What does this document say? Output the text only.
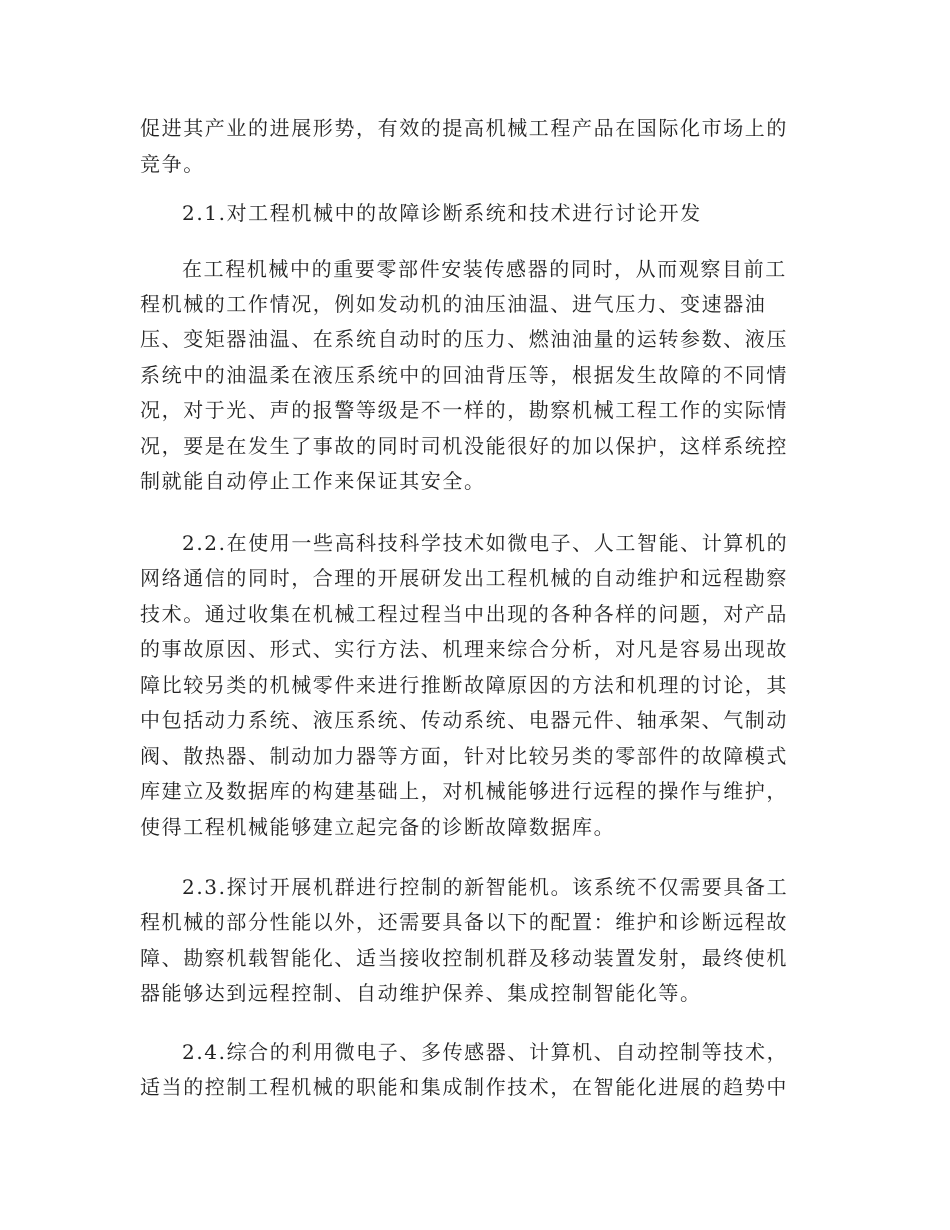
促进其产业的进展形势，有效的提高机械工程产品在国际化市场上的
竞争。
2.1.对工程机械中的故障诊断系统和技术进行讨论开发
在工程机械中的重要零部件安装传感器的同时，从而观察目前工
程机械的工作情况，例如发动机的油压油温、进气压力、变速器油
压、变矩器油温、在系统自动时的压力、燃油油量的运转参数、液压
系统中的油温柔在液压系统中的回油背压等，根据发生故障的不同情
况，对于光、声的报警等级是不一样的，勘察机械工程工作的实际情
况，要是在发生了事故的同时司机没能很好的加以保护，这样系统控
制就能自动停止工作来保证其安全。
2.2.在使用一些高科技科学技术如微电子、人工智能、计算机的
网络通信的同时，合理的开展研发出工程机械的自动维护和远程勘察
技术。通过收集在机械工程过程当中出现的各种各样的问题，对产品
的事故原因、形式、实行方法、机理来综合分析，对凡是容易出现故
障比较另类的机械零件来进行推断故障原因的方法和机理的讨论，其
中包括动力系统、液压系统、传动系统、电器元件、轴承架、气制动
阀、散热器、制动加力器等方面，针对比较另类的零部件的故障模式
库建立及数据库的构建基础上，对机械能够进行远程的操作与维护，
使得工程机械能够建立起完备的诊断故障数据库。
2.3.探讨开展机群进行控制的新智能机。该系统不仅需要具备工
程机械的部分性能以外，还需要具备以下的配置：维护和诊断远程故
障、勘察机载智能化、适当接收控制机群及移动装置发射，最终使机
器能够达到远程控制、自动维护保养、集成控制智能化等。
2.4.综合的利用微电子、多传感器、计算机、自动控制等技术，
适当的控制工程机械的职能和集成制作技术，在智能化进展的趋势中
